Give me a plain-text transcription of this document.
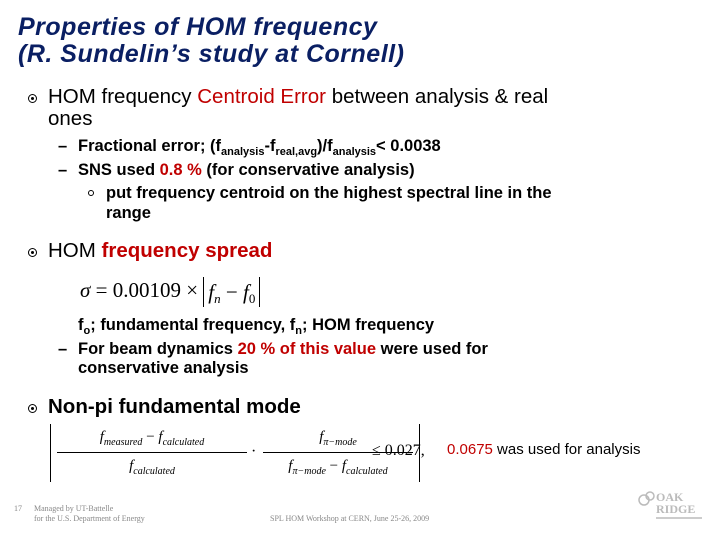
Properties of HOM frequency
(R. Sundelin’s study at Cornell)
HOM frequency Centroid Error between analysis & real
ones
– Fractional error; $(f_{analysis}-f_{real,avg})/f_{analysis}< 0.0038$
– SNS used 0.8 % (for conservative analysis)
put frequency centroid on the highest spectral line in the
range
HOM frequency spread
$\sigma = 0.00109 \times f_n - f_0$
$f_o$; fundamental frequency, $f_n$; HOM frequency
– For beam dynamics 20 % of this value were used for
conservative analysis
Non-pi fundamental mode
$f_{measured} - f_{calculated}$
$f_{calculated}$
·
$f_{\pi-mode}$
$f_{\pi-mode} - f_{calculated}$
≤ 0.027, 0.0675 was used for analysis
17 Managed by UT-Battelle
for the U.S. Department of Energy	SPL HOM Workshop at CERN, June 25-26, 2009
OAK
RIDGE
